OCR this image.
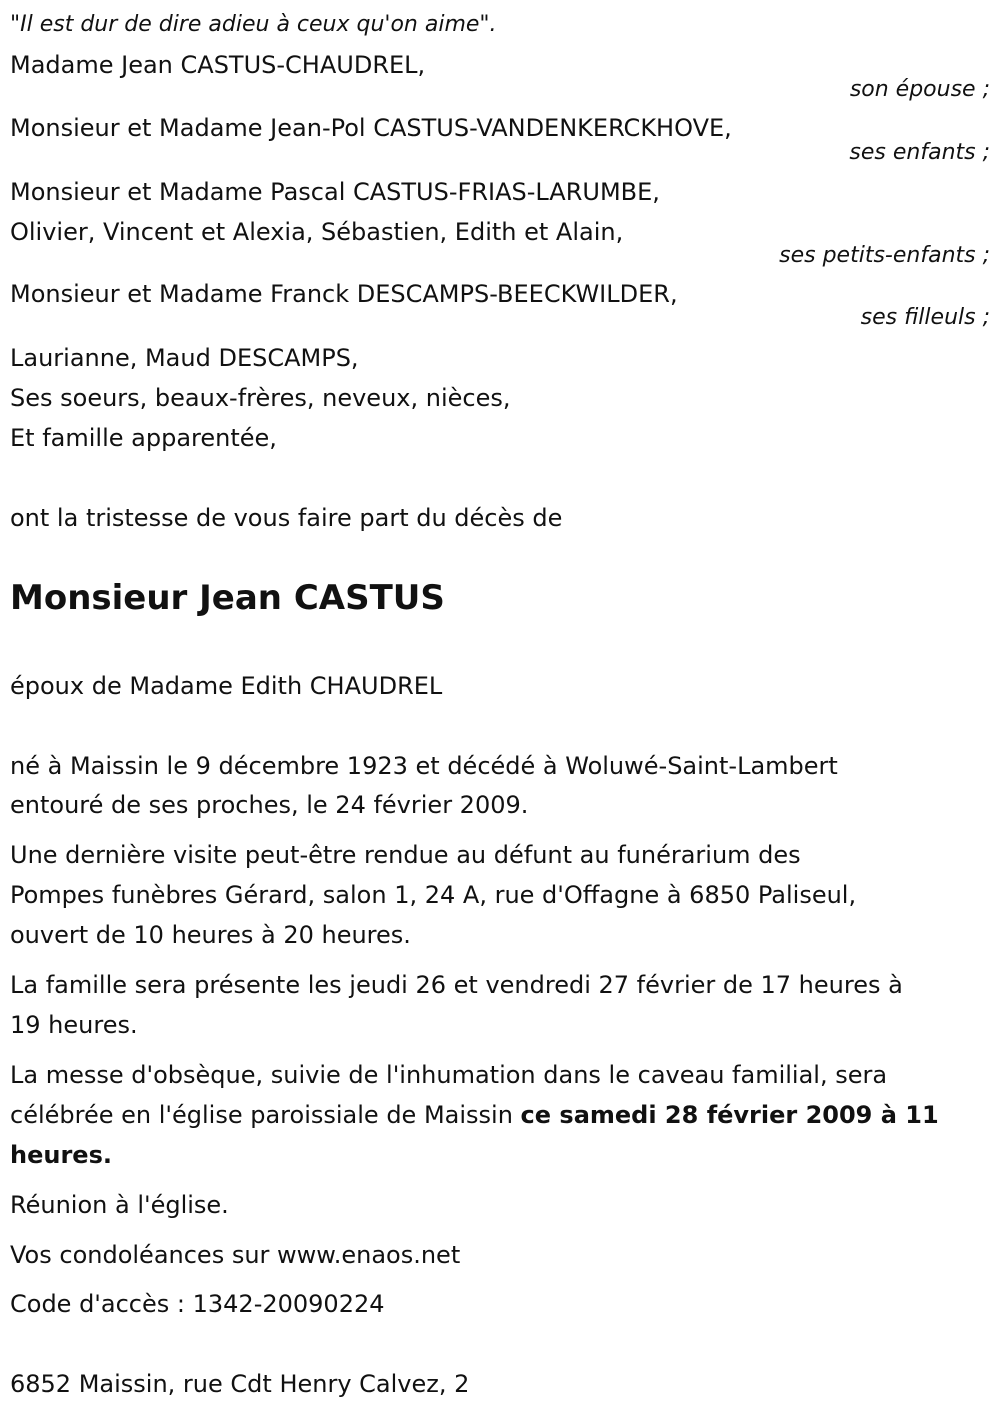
"Il est dur de dire adieu à ceux qu'on aime".
Madame Jean CASTUS-CHAUDREL,
son épouse ;
Monsieur et Madame Jean-Pol CASTUS-VANDENKERCKHOVE,
ses enfants ;
Monsieur et Madame Pascal CASTUS-FRIAS-LARUMBE,
Olivier, Vincent et Alexia, Sébastien, Edith et Alain,
ses petits-enfants ;
Monsieur et Madame Franck DESCAMPS-BEECKWILDER,
ses filleuls ;
Laurianne, Maud DESCAMPS,
Ses soeurs, beaux-frères, neveux, nièces,
Et famille apparentée,
ont la tristesse de vous faire part du décès de
Monsieur Jean CASTUS
époux de Madame Edith CHAUDREL
né à Maissin le 9 décembre 1923 et décédé à Woluwé-Saint-Lambert
entouré de ses proches, le 24 février 2009.
Une dernière visite peut-être rendue au défunt au funérarium des
Pompes funèbres Gérard, salon 1, 24 A, rue d'Offagne à 6850 Paliseul,
ouvert de 10 heures à 20 heures.
La famille sera présente les jeudi 26 et vendredi 27 février de 17 heures à
19 heures.
La messe d'obsèque, suivie de l'inhumation dans le caveau familial, sera
célébrée en l'église paroissiale de Maissin ce samedi 28 février 2009 à 11
heures.
Réunion à l'église.
Vos condoléances sur www.enaos.net
Code d'accès : 1342-20090224
6852 Maissin, rue Cdt Henry Calvez, 2
